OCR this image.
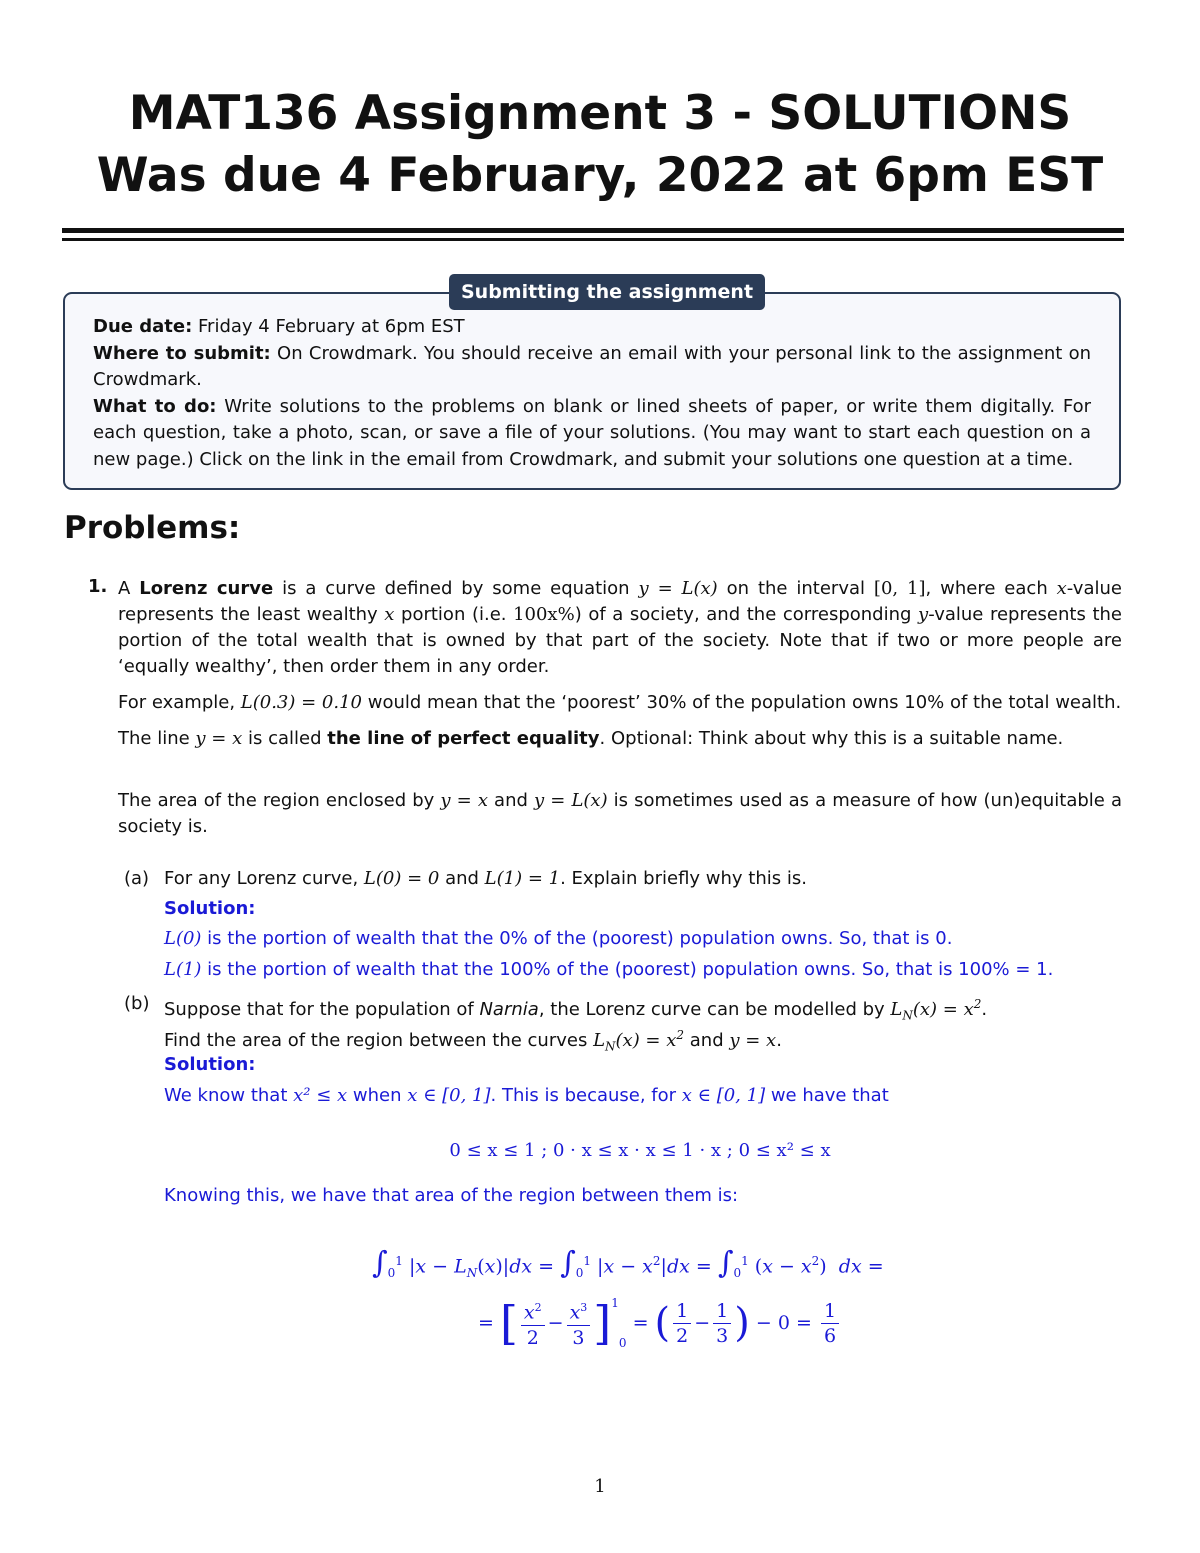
MAT136 Assignment 3 - SOLUTIONS
Was due 4 February, 2022 at 6pm EST
Submitting the assignment
Due date: Friday 4 February at 6pm EST
Where to submit: On Crowdmark. You should receive an email with your personal link to the assignment on Crowdmark.
What to do: Write solutions to the problems on blank or lined sheets of paper, or write them digitally. For each question, take a photo, scan, or save a file of your solutions. (You may want to start each question on a new page.) Click on the link in the email from Crowdmark, and submit your solutions one question at a time.
Problems:
1. A Lorenz curve is a curve defined by some equation y = L(x) on the interval [0, 1], where each x-value represents the least wealthy x portion (i.e. 100x%) of a society, and the corresponding y-value represents the portion of the total wealth that is owned by that part of the society. Note that if two or more people are ‘equally wealthy’, then order them in any order.
For example, L(0.3) = 0.10 would mean that the ‘poorest’ 30% of the population owns 10% of the total wealth.
The line y = x is called the line of perfect equality. Optional: Think about why this is a suitable name.
The area of the region enclosed by y = x and y = L(x) is sometimes used as a measure of how (un)equitable a society is.
(a) For any Lorenz curve, L(0) = 0 and L(1) = 1. Explain briefly why this is.
Solution:
L(0) is the portion of wealth that the 0% of the (poorest) population owns. So, that is 0.
L(1) is the portion of wealth that the 100% of the (poorest) population owns. So, that is 100% = 1.
(b) Suppose that for the population of Narnia, the Lorenz curve can be modelled by $L_N(x) = x^2$.
Find the area of the region between the curves $L_N(x) = x^2$ and y = x.
Solution:
We know that x² ≤ x when x ∈ [0, 1]. This is because, for x ∈ [0, 1] we have that
0 ≤ x ≤ 1 ; 0 · x ≤ x · x ≤ 1 · x ; 0 ≤ x² ≤ x
Knowing this, we have that area of the region between them is:
$\int_0^1$ $|x - L_N(x)|dx = \int_0^1$ $|x - x^2|dx = \int_0^1$ $(x - x^2)$  dx =
= [ $\frac{x^2}{2} - \frac{x^3}{3} ]^10$ = ( $\frac{1}{2} - \frac{1}{3}$ ) − $0 = \frac{1}{6}$
1
